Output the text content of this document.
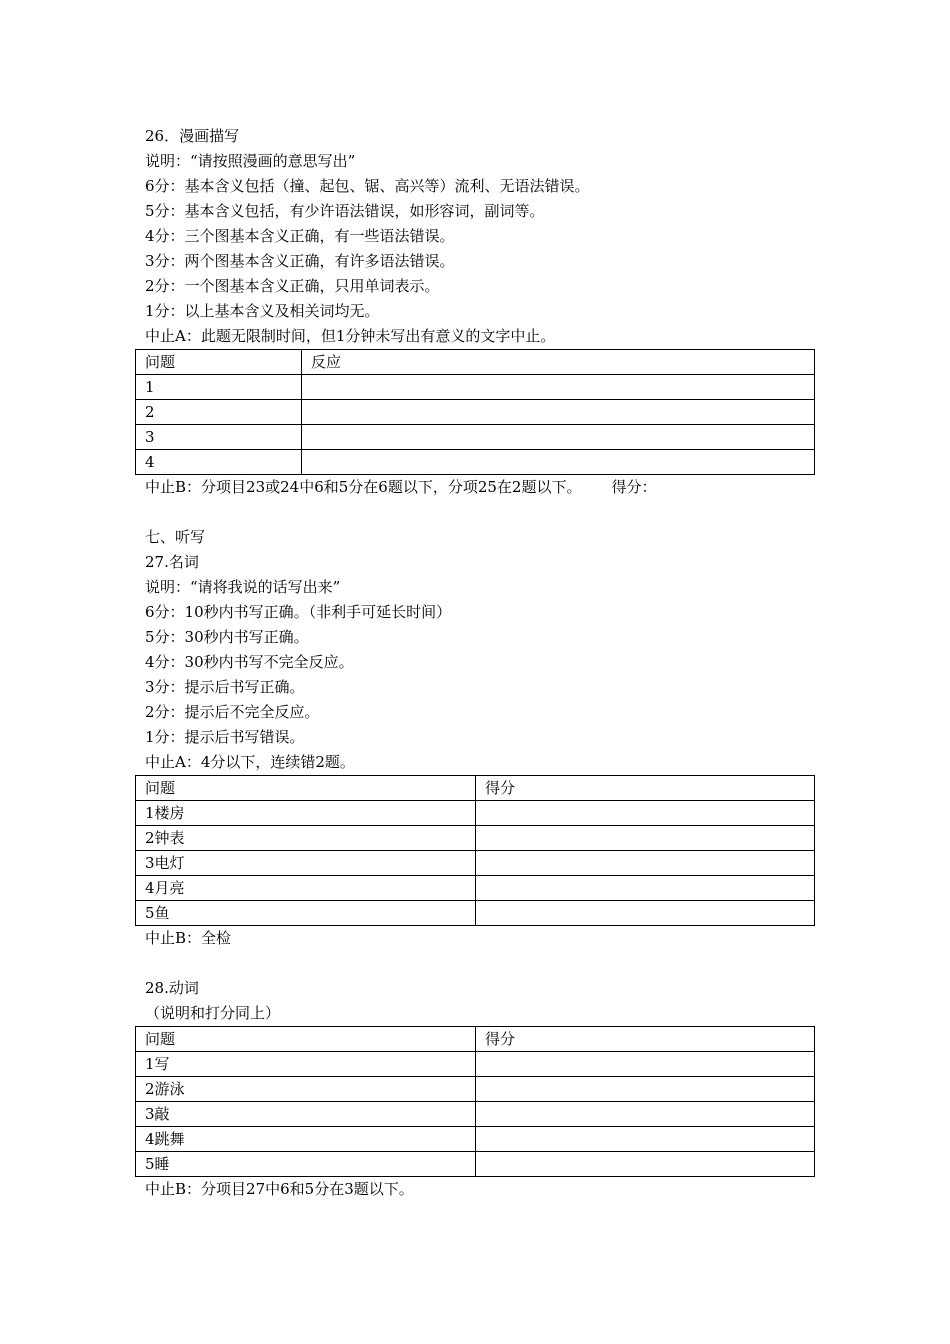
26．漫画描写

说明：“请按照漫画的意思写出”

6分：基本含义包括（撞、起包、锯、高兴等）流利、无语法错误。

5分：基本含义包括，有少许语法错误，如形容词，副词等。

4分：三个图基本含义正确，有一些语法错误。

3分：两个图基本含义正确，有许多语法错误。

2分：一个图基本含义正确，只用单词表示。

1分：以上基本含义及相关词均无。

中止A：此题无限制时间，但1分钟未写出有意义的文字中止。

问题	反应
1	
2	
3	
4	

中止B：分项目23或24中6和5分在6题以下，分项25在2题以下。 得分：

七、听写

27.名词

说明：“请将我说的话写出来”

6分：10秒内书写正确。（非利手可延长时间）

5分：30秒内书写正确。

4分：30秒内书写不完全反应。

3分：提示后书写正确。

2分：提示后不完全反应。

1分：提示后书写错误。

中止A：4分以下，连续错2题。

问题	得分
1楼房	
2钟表	
3电灯	
4月亮	
5鱼	

中止B：全检

28.动词

（说明和打分同上）

问题	得分
1写	
2游泳	
3敲	
4跳舞	
5睡	

中止B：分项目27中6和5分在3题以下。
